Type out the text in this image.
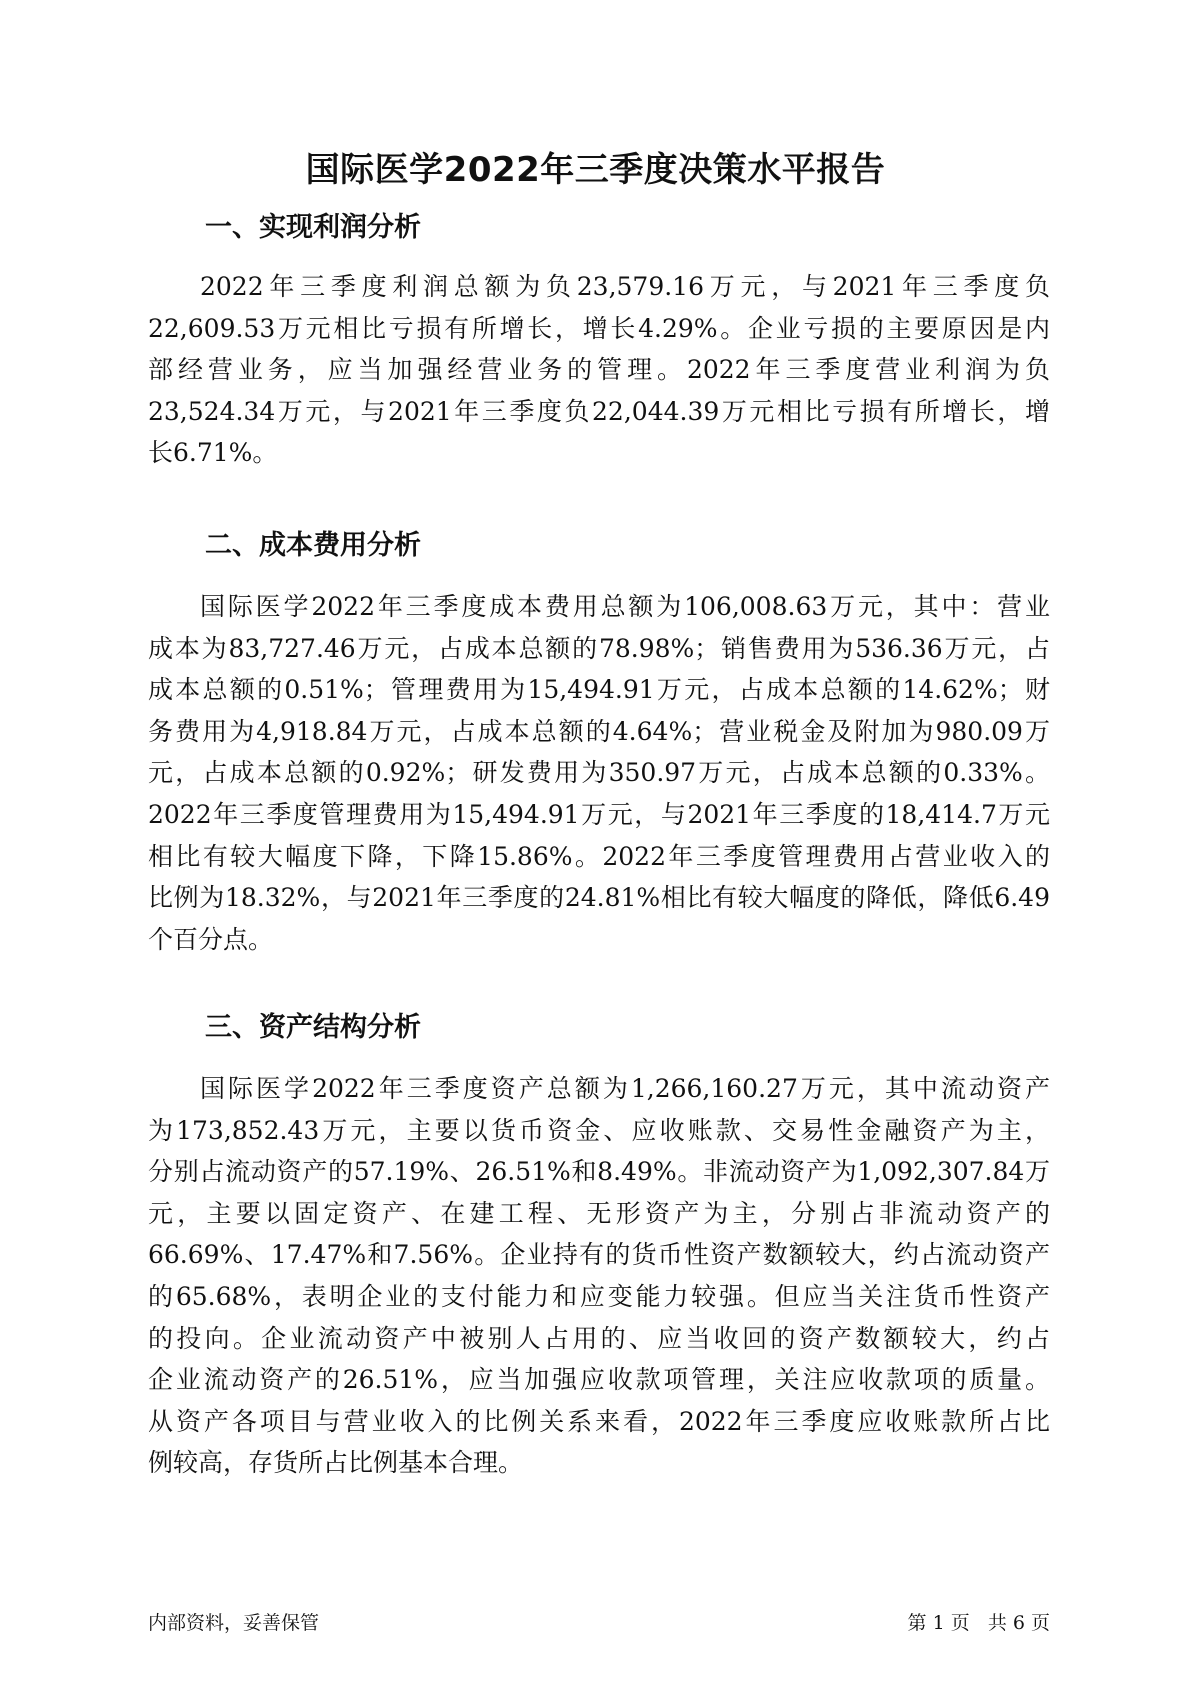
国际医学2022年三季度决策水平报告
一、实现利润分析
2022年三季度利润总额为负23,579.16万元，与2021年三季度负
22,609.53万元相比亏损有所增长，增长4.29%。企业亏损的主要原因是内
部经营业务，应当加强经营业务的管理。2022年三季度营业利润为负
23,524.34万元，与2021年三季度负22,044.39万元相比亏损有所增长，增
长6.71%。
二、成本费用分析
国际医学2022年三季度成本费用总额为106,008.63万元，其中：营业
成本为83,727.46万元，占成本总额的78.98%；销售费用为536.36万元，占
成本总额的0.51%；管理费用为15,494.91万元，占成本总额的14.62%；财
务费用为4,918.84万元，占成本总额的4.64%；营业税金及附加为980.09万
元，占成本总额的0.92%；研发费用为350.97万元，占成本总额的0.33%。
2022年三季度管理费用为15,494.91万元，与2021年三季度的18,414.7万元
相比有较大幅度下降，下降15.86%。2022年三季度管理费用占营业收入的
比例为18.32%，与2021年三季度的24.81%相比有较大幅度的降低，降低6.49
个百分点。
三、资产结构分析
国际医学2022年三季度资产总额为1,266,160.27万元，其中流动资产
为173,852.43万元，主要以货币资金、应收账款、交易性金融资产为主，
分别占流动资产的57.19%、26.51%和8.49%。非流动资产为1,092,307.84万
元，主要以固定资产、在建工程、无形资产为主，分别占非流动资产的
66.69%、17.47%和7.56%。企业持有的货币性资产数额较大，约占流动资产
的65.68%，表明企业的支付能力和应变能力较强。但应当关注货币性资产
的投向。企业流动资产中被别人占用的、应当收回的资产数额较大，约占
企业流动资产的26.51%，应当加强应收款项管理，关注应收款项的质量。
从资产各项目与营业收入的比例关系来看，2022年三季度应收账款所占比
例较高，存货所占比例基本合理。

内部资料，妥善保管	第 1 页   共 6 页
